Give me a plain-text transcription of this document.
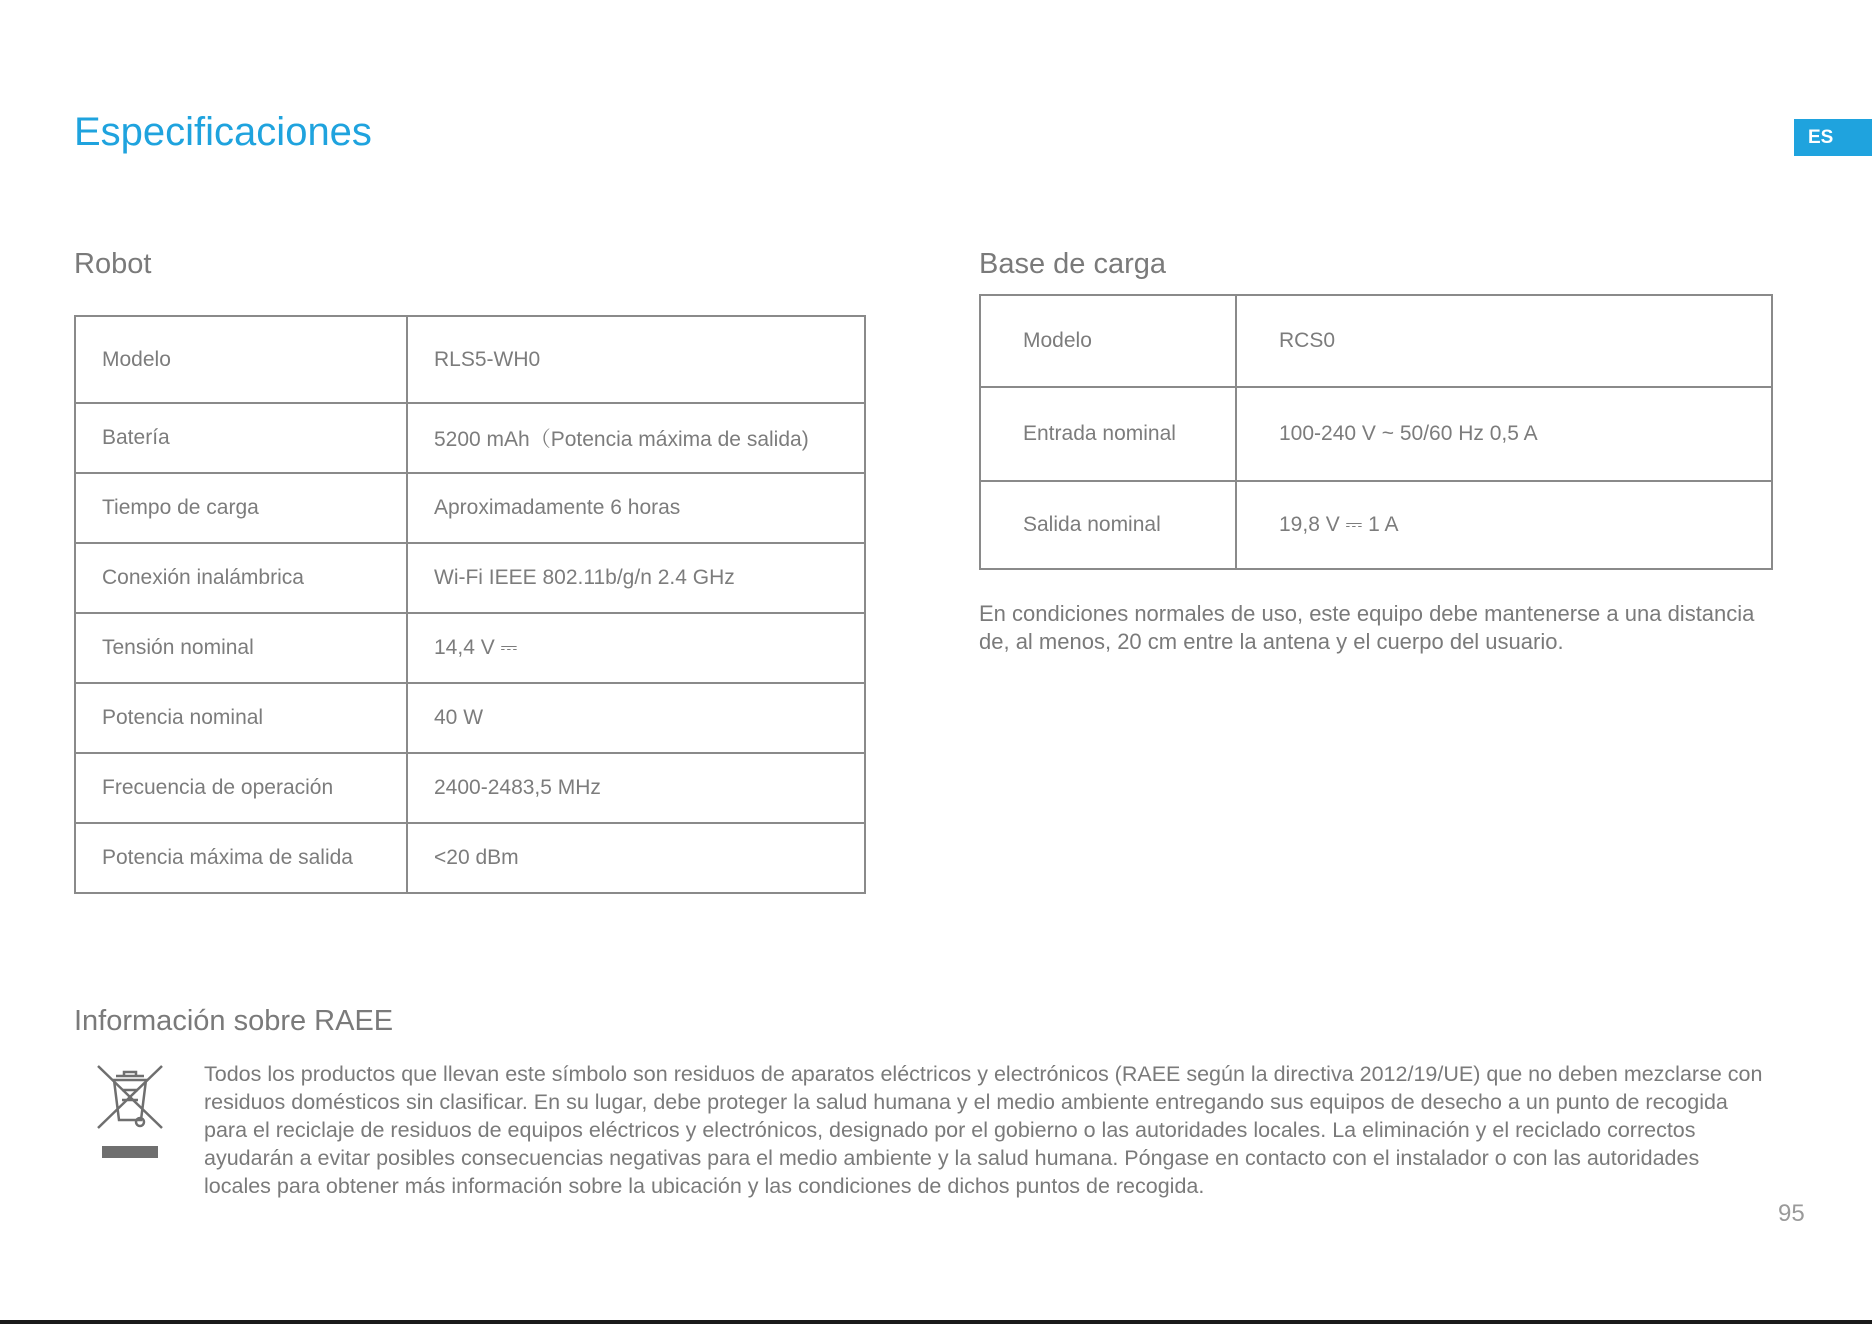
Especificaciones	ES
Robot
Modelo	RLS5-WH0
Batería	5200 mAh（Potencia máxima de salida)
Tiempo de carga	Aproximadamente 6 horas
Conexión inalámbrica	Wi-Fi IEEE 802.11b/g/n 2.4 GHz
Tensión nominal	14,4 V ⎓
Potencia nominal	40 W
Frecuencia de operación	2400-2483,5 MHz
Potencia máxima de salida	<20 dBm
Base de carga
Modelo	RCS0
Entrada nominal	100-240 V ~ 50/60 Hz 0,5 A
Salida nominal	19,8 V ⎓ 1 A

En condiciones normales de uso, este equipo debe mantenerse a una distancia de, al menos, 20 cm entre la antena y el cuerpo del usuario.

Información sobre RAEE

Todos los productos que llevan este símbolo son residuos de aparatos eléctricos y electrónicos (RAEE según la directiva 2012/19/UE) que no deben mezclarse con residuos domésticos sin clasificar. En su lugar, debe proteger la salud humana y el medio ambiente entregando sus equipos de desecho a un punto de recogida para el reciclaje de residuos de equipos eléctricos y electrónicos, designado por el gobierno o las autoridades locales. La eliminación y el reciclado correctos ayudarán a evitar posibles consecuencias negativas para el medio ambiente y la salud humana. Póngase en contacto con el instalador o con las autoridades locales para obtener más información sobre la ubicación y las condiciones de dichos puntos de recogida.

95
